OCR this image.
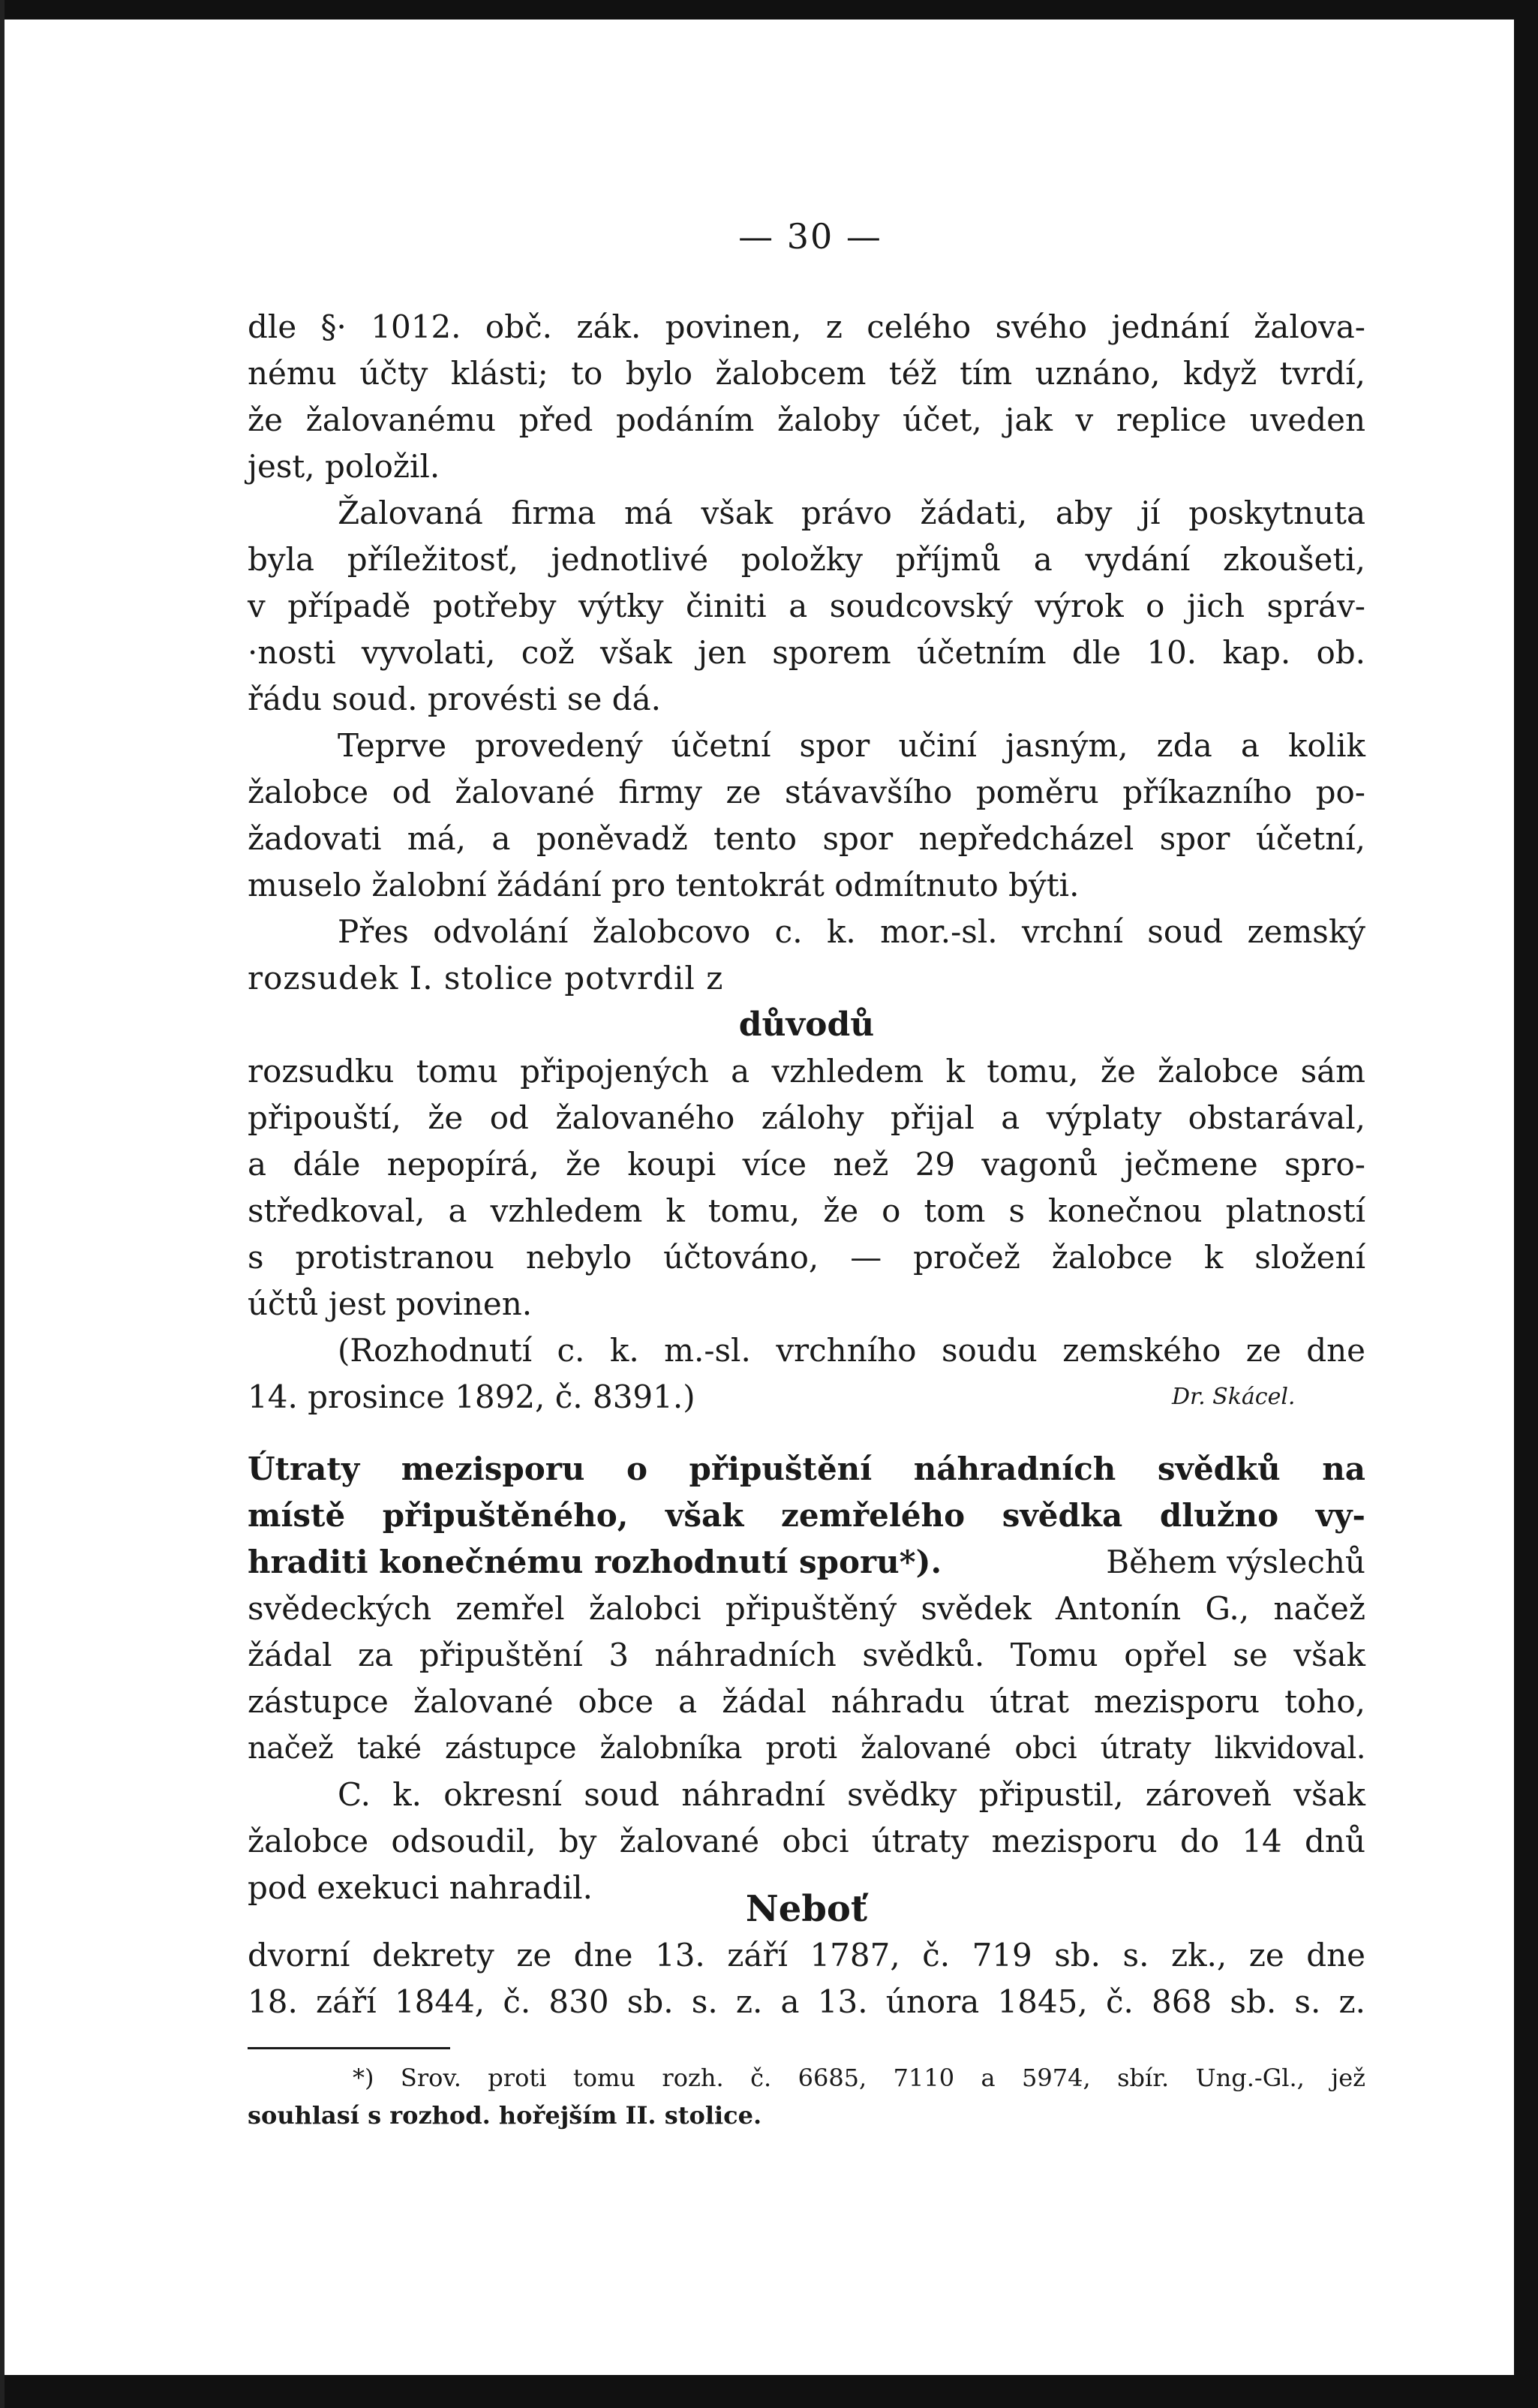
— 30 —
dle §· 1012. obč. zák. povinen, z celého svého jednání žalova-
nému účty klásti; to bylo žalobcem též tím uznáno, když tvrdí,
že žalovanému před podáním žaloby účet, jak v replice uveden
jest, položil.
Žalovaná firma má však právo žádati, aby jí poskytnuta
byla příležitosť, jednotlivé položky příjmů a vydání zkoušeti,
v případě potřeby výtky činiti a soudcovský výrok o jich správ-
·nosti vyvolati, což však jen sporem účetním dle 10. kap. ob.
řádu soud. provésti se dá.
Teprve provedený účetní spor učiní jasným, zda a kolik
žalobce od žalované firmy ze stávavšího poměru příkazního po-
žadovati má, a poněvadž tento spor nepředcházel spor účetní,
muselo žalobní žádání pro tentokrát odmítnuto býti.
Přes odvolání žalobcovo c. k. mor.-sl. vrchní soud zemský
rozsudek I. stolice potvrdil z
důvodů
rozsudku tomu připojených a vzhledem k tomu, že žalobce sám
připouští, že od žalovaného zálohy přijal a výplaty obstarával,
a dále nepopírá, že koupi více než 29 vagonů ječmene spro-
středkoval, a vzhledem k tomu, že o tom s konečnou platností
s protistranou nebylo účtováno, — pročež žalobce k složení
účtů jest povinen.
(Rozhodnutí c. k. m.-sl. vrchního soudu zemského ze dne
14. prosince 1892, č. 8391.)	Dr. Skácel.
Útraty mezisporu o připuštění náhradních svědků na
místě připuštěného, však zemřelého svědka dlužno vy-
hraditi konečnému rozhodnutí sporu*).	Během výslechů
svědeckých zemřel žalobci připuštěný svědek Antonín G., načež
žádal za připuštění 3 náhradních svědků. Tomu opřel se však
zástupce žalované obce a žádal náhradu útrat mezisporu toho,
načež také zástupce žalobníka proti žalované obci útraty likvidoval.
C. k. okresní soud náhradní svědky připustil, zároveň však
žalobce odsoudil, by žalované obci útraty mezisporu do 14 dnů
pod exekuci nahradil.
Neboť
dvorní dekrety ze dne 13. září 1787, č. 719 sb. s. zk., ze dne
18. září 1844, č. 830 sb. s. z. a 13. února 1845, č. 868 sb. s. z.
*) Srov. proti tomu rozh. č. 6685, 7110 a 5974, sbír. Ung.-Gl., jež
souhlasí s rozhod. hořejším II. stolice.
